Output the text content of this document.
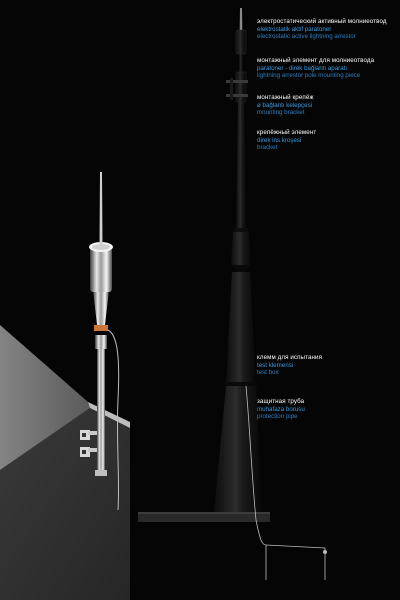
электростатический активный молниеотвод
elektrostatik aktif paratoner
electrostatic active lightning arrestor
монтажный элемент для молниеотвода
paratoner - direk bağlantı aparatı
lightning arrestor pole mounting piece
монтажный крепёж
ø bağlantı kelepçesi
mounting bracket
крепёжный элемент
direk ins kroşesi
bracket
клемм для испытания
test klemensi
test box
защитная труба
muhafaza borusu
protection pipe
